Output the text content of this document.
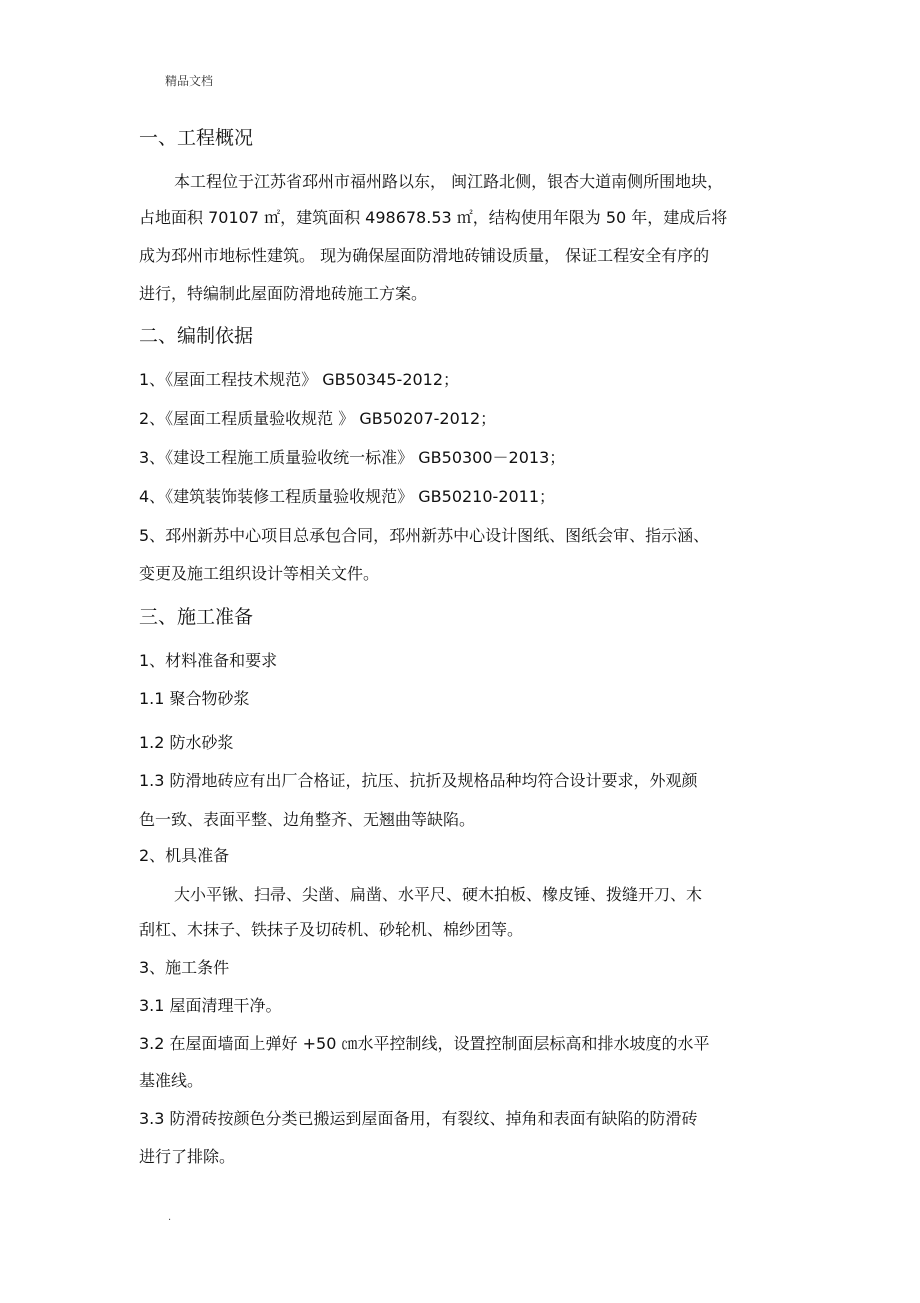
精品文档
一、工程概况
本工程位于江苏省邳州市福州路以东， 闽江路北侧，银杏大道南侧所围地块，
占地面积 70107 ㎡，建筑面积 498678.53 ㎡，结构使用年限为 50 年，建成后将
成为邳州市地标性建筑。 现为确保屋面防滑地砖铺设质量， 保证工程安全有序的
进行，特编制此屋面防滑地砖施工方案。
二、编制依据
1、《屋面工程技术规范》 GB50345-2012；
2、《屋面工程质量验收规范 》 GB50207-2012；
3、《建设工程施工质量验收统一标准》 GB50300－2013；
4、《建筑装饰装修工程质量验收规范》 GB50210-2011；
5、邳州新苏中心项目总承包合同，邳州新苏中心设计图纸、图纸会审、指示涵、
变更及施工组织设计等相关文件。
三、施工准备
1、材料准备和要求
1.1 聚合物砂浆
1.2 防水砂浆
1.3 防滑地砖应有出厂合格证，抗压、抗折及规格品种均符合设计要求，外观颜
色一致、表面平整、边角整齐、无翘曲等缺陷。
2、机具准备
大小平锹、扫帚、尖凿、扁凿、水平尺、硬木拍板、橡皮锤、拨缝开刀、木
刮杠、木抹子、铁抹子及切砖机、砂轮机、棉纱团等。
3、施工条件
3.1 屋面清理干净。
3.2 在屋面墙面上弹好 +50 ㎝水平控制线，设置控制面层标高和排水坡度的水平
基准线。
3.3 防滑砖按颜色分类已搬运到屋面备用，有裂纹、掉角和表面有缺陷的防滑砖
进行了排除。
.
